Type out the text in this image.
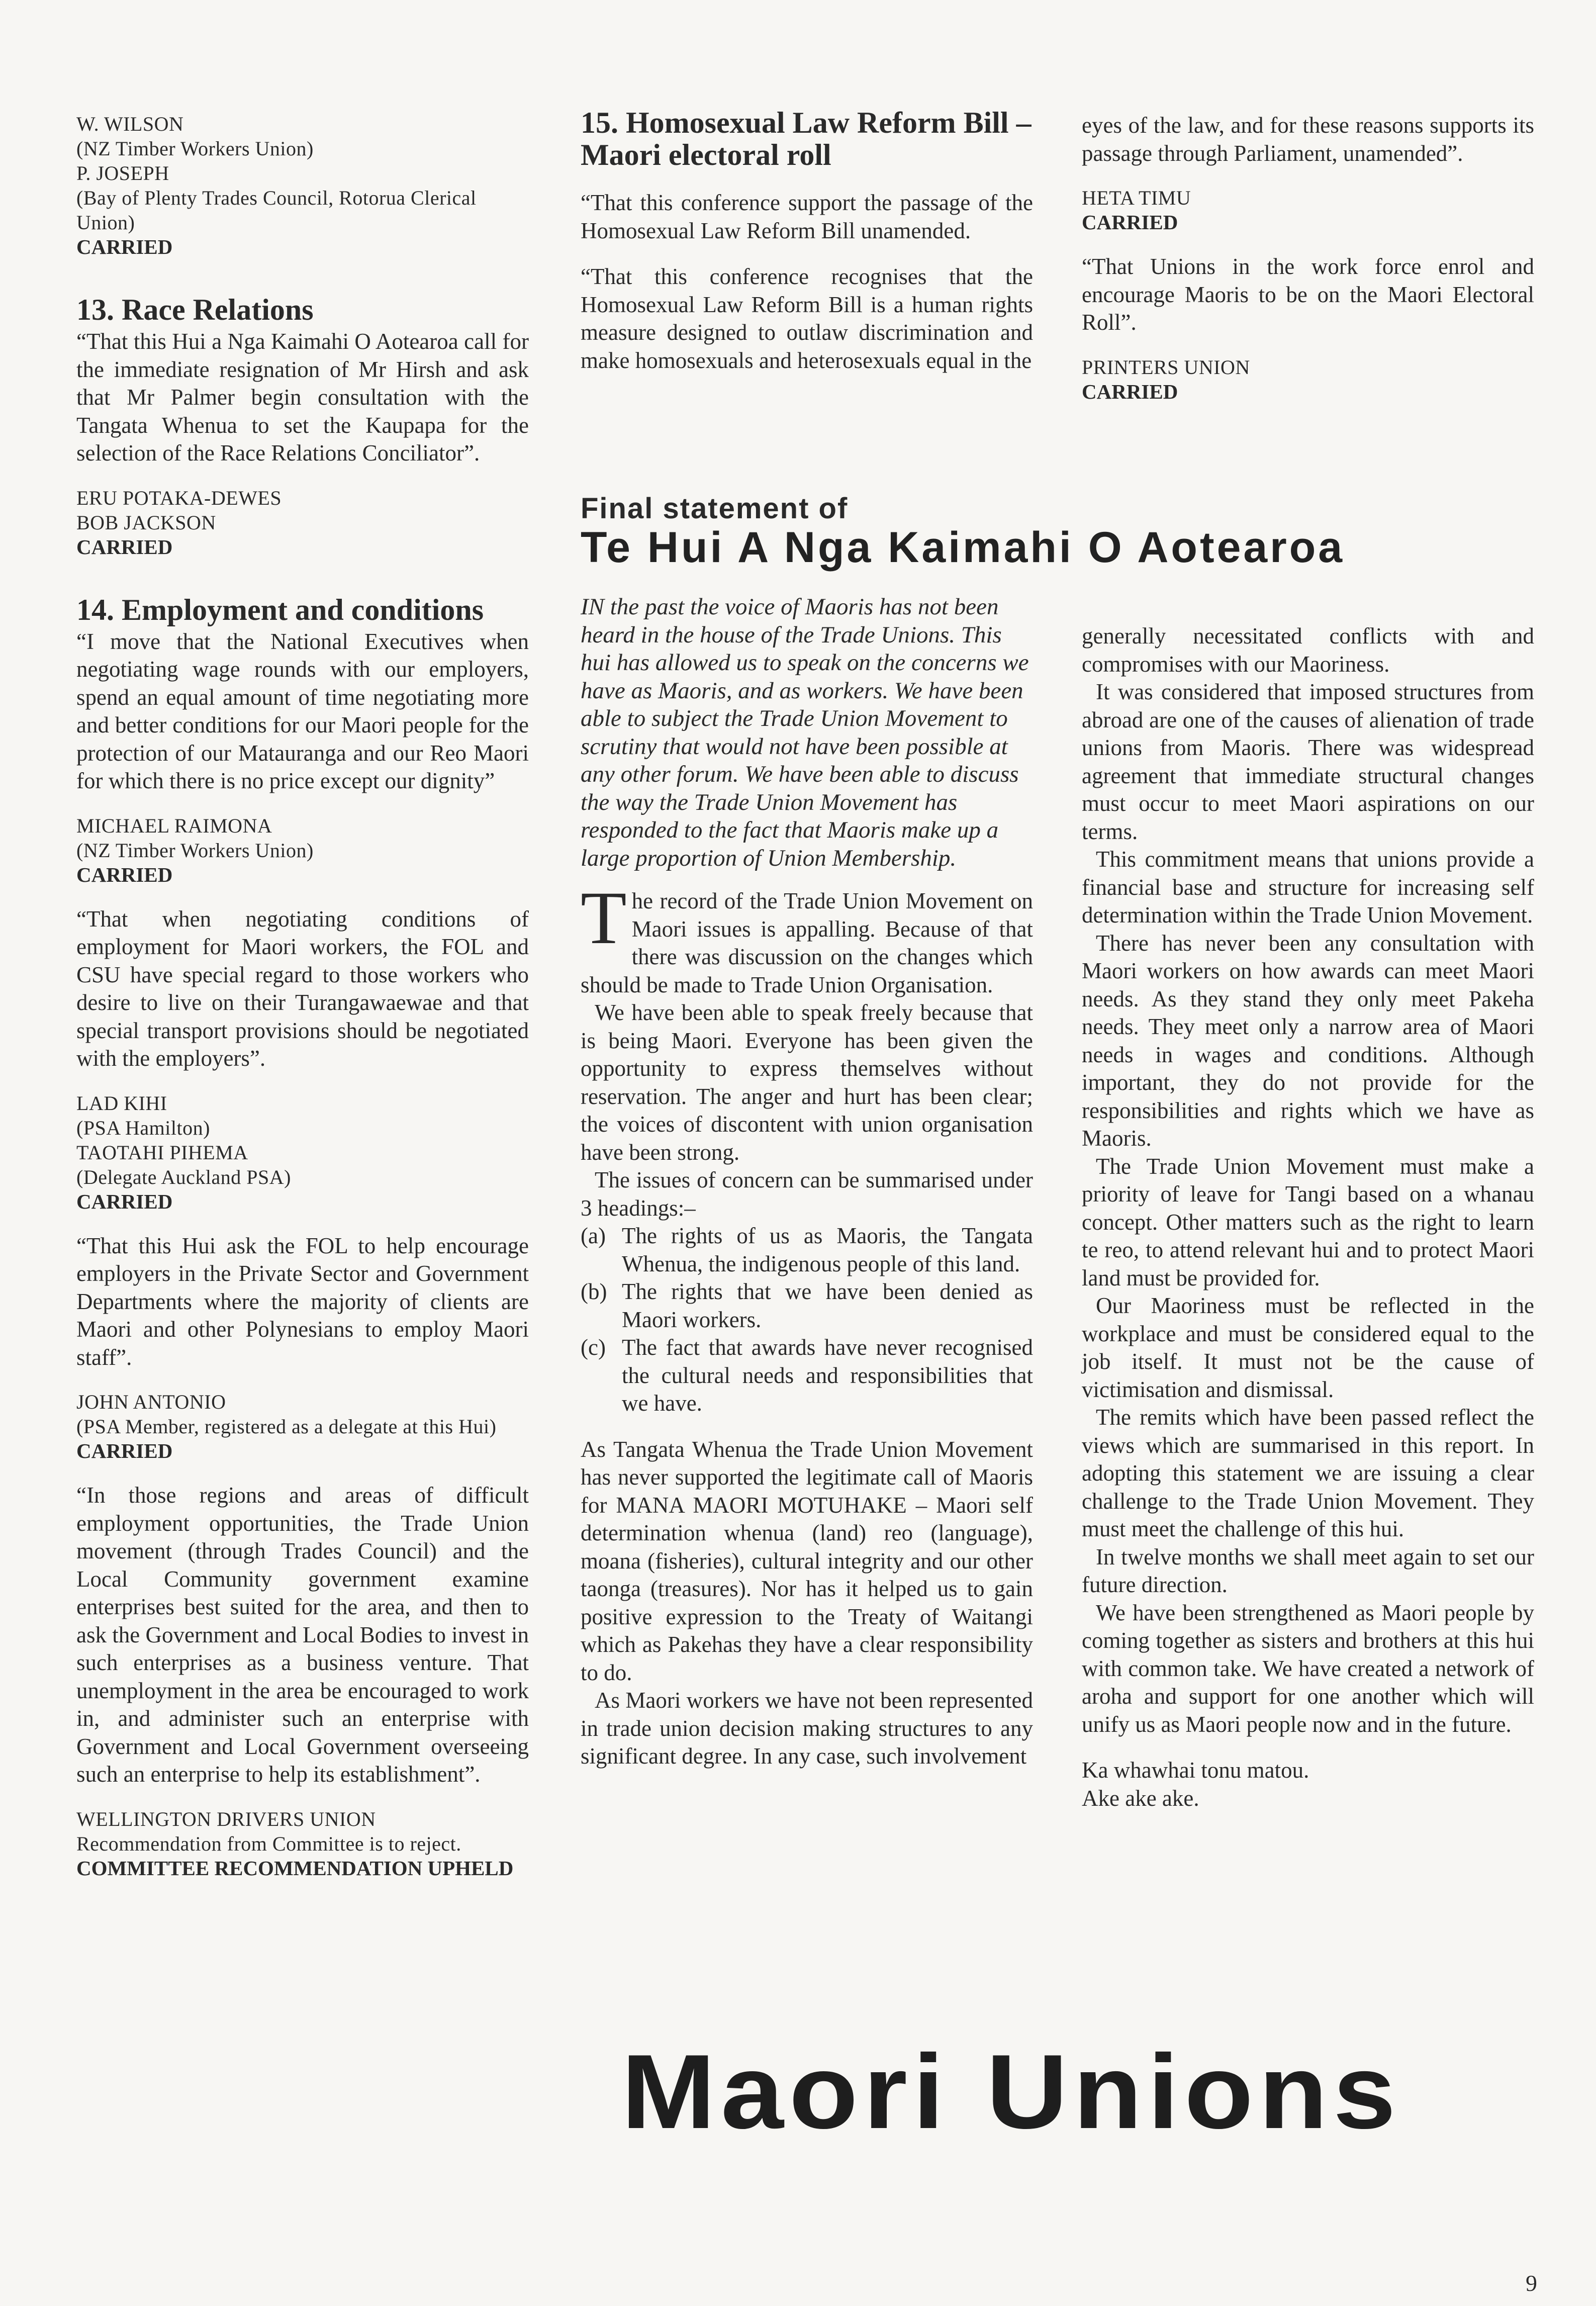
W. WILSON

(NZ Timber Workers Union)

P. JOSEPH

(Bay of Plenty Trades Council, Rotorua Clerical Union)

CARRIED

13. Race Relations

“That this Hui a Nga Kaimahi O Aotearoa call for the immediate resignation of Mr Hirsh and ask that Mr Palmer begin consultation with the Tangata Whenua to set the Kaupapa for the selection of the Race Relations Conciliator”.

ERU POTAKA-DEWES

BOB JACKSON

CARRIED

14. Employment and conditions

“I move that the National Executives when negotiating wage rounds with our employers, spend an equal amount of time negotiating more and better conditions for our Maori people for the protection of our Matauranga and our Reo Maori for which there is no price except our dignity”

MICHAEL RAIMONA

(NZ Timber Workers Union)

CARRIED

“That when negotiating conditions of employment for Maori workers, the FOL and CSU have special regard to those workers who desire to live on their Turangawaewae and that special transport provisions should be negotiated with the employers”.

LAD KIHI

(PSA Hamilton)

TAOTAHI PIHEMA

(Delegate Auckland PSA)

CARRIED

“That this Hui ask the FOL to help encourage employers in the Private Sector and Government Departments where the majority of clients are Maori and other Polynesians to employ Maori staff”.

JOHN ANTONIO

(PSA Member, registered as a delegate at this Hui)

CARRIED

“In those regions and areas of difficult employment opportunities, the Trade Union movement (through Trades Council) and the Local Community government examine enterprises best suited for the area, and then to ask the Government and Local Bodies to invest in such enterprises as a business venture. That unemployment in the area be encouraged to work in, and administer such an enterprise with Government and Local Government overseeing such an enterprise to help its establishment”.

WELLINGTON DRIVERS UNION

Recommendation from Committee is to reject.

COMMITTEE RECOMMENDATION UPHELD

15. Homosexual Law Reform Bill – Maori electoral roll

“That this conference support the passage of the Homosexual Law Reform Bill unamended.

“That this conference recognises that the Homosexual Law Reform Bill is a human rights measure designed to outlaw discrimination and make homosexuals and heterosexuals equal in the

eyes of the law, and for these reasons supports its passage through Parliament, unamended”.

HETA TIMU

CARRIED

“That Unions in the work force enrol and encourage Maoris to be on the Maori Electoral Roll”.

PRINTERS UNION

CARRIED

Final statement of
Te Hui A Nga Kaimahi O Aotearoa

IN the past the voice of Maoris has not been heard in the house of the Trade Unions. This hui has allowed us to speak on the concerns we have as Maoris, and as workers. We have been able to subject the Trade Union Movement to scrutiny that would not have been possible at any other forum. We have been able to discuss the way the Trade Union Movement has responded to the fact that Maoris make up a large proportion of Union Membership.

The record of the Trade Union Movement on Maori issues is appalling. Because of that there was discussion on the changes which should be made to Trade Union Organisation.

We have been able to speak freely because that is being Maori. Everyone has been given the opportunity to express themselves without reservation. The anger and hurt has been clear; the voices of discontent with union organisation have been strong.

The issues of concern can be summarised under 3 headings:–

(a) The rights of us as Maoris, the Tangata Whenua, the indigenous people of this land.
(b) The rights that we have been denied as Maori workers.
(c) The fact that awards have never recognised the cultural needs and responsibilities that we have.

As Tangata Whenua the Trade Union Movement has never supported the legitimate call of Maoris for MANA MAORI MOTUHAKE – Maori self determination whenua (land) reo (language), moana (fisheries), cultural integrity and our other taonga (treasures). Nor has it helped us to gain positive expression to the Treaty of Waitangi which as Pakehas they have a clear responsibility to do.

As Maori workers we have not been represented in trade union decision making structures to any significant degree. In any case, such involvement

generally necessitated conflicts with and compromises with our Maoriness.

It was considered that imposed structures from abroad are one of the causes of alienation of trade unions from Maoris. There was widespread agreement that immediate structural changes must occur to meet Maori aspirations on our terms.

This commitment means that unions provide a financial base and structure for increasing self determination within the Trade Union Movement.

There has never been any consultation with Maori workers on how awards can meet Maori needs. As they stand they only meet Pakeha needs. They meet only a narrow area of Maori needs in wages and conditions. Although important, they do not provide for the responsibilities and rights which we have as Maoris.

The Trade Union Movement must make a priority of leave for Tangi based on a whanau concept. Other matters such as the right to learn te reo, to attend relevant hui and to protect Maori land must be provided for.

Our Maoriness must be reflected in the workplace and must be considered equal to the job itself. It must not be the cause of victimisation and dismissal.

The remits which have been passed reflect the views which are summarised in this report. In adopting this statement we are issuing a clear challenge to the Trade Union Movement. They must meet the challenge of this hui.

In twelve months we shall meet again to set our future direction.

We have been strengthened as Maori people by coming together as sisters and brothers at this hui with common take. We have created a network of aroha and support for one another which will unify us as Maori people now and in the future.

Ka whawhai tonu matou.

Ake ake ake.

Maori Unions
9
